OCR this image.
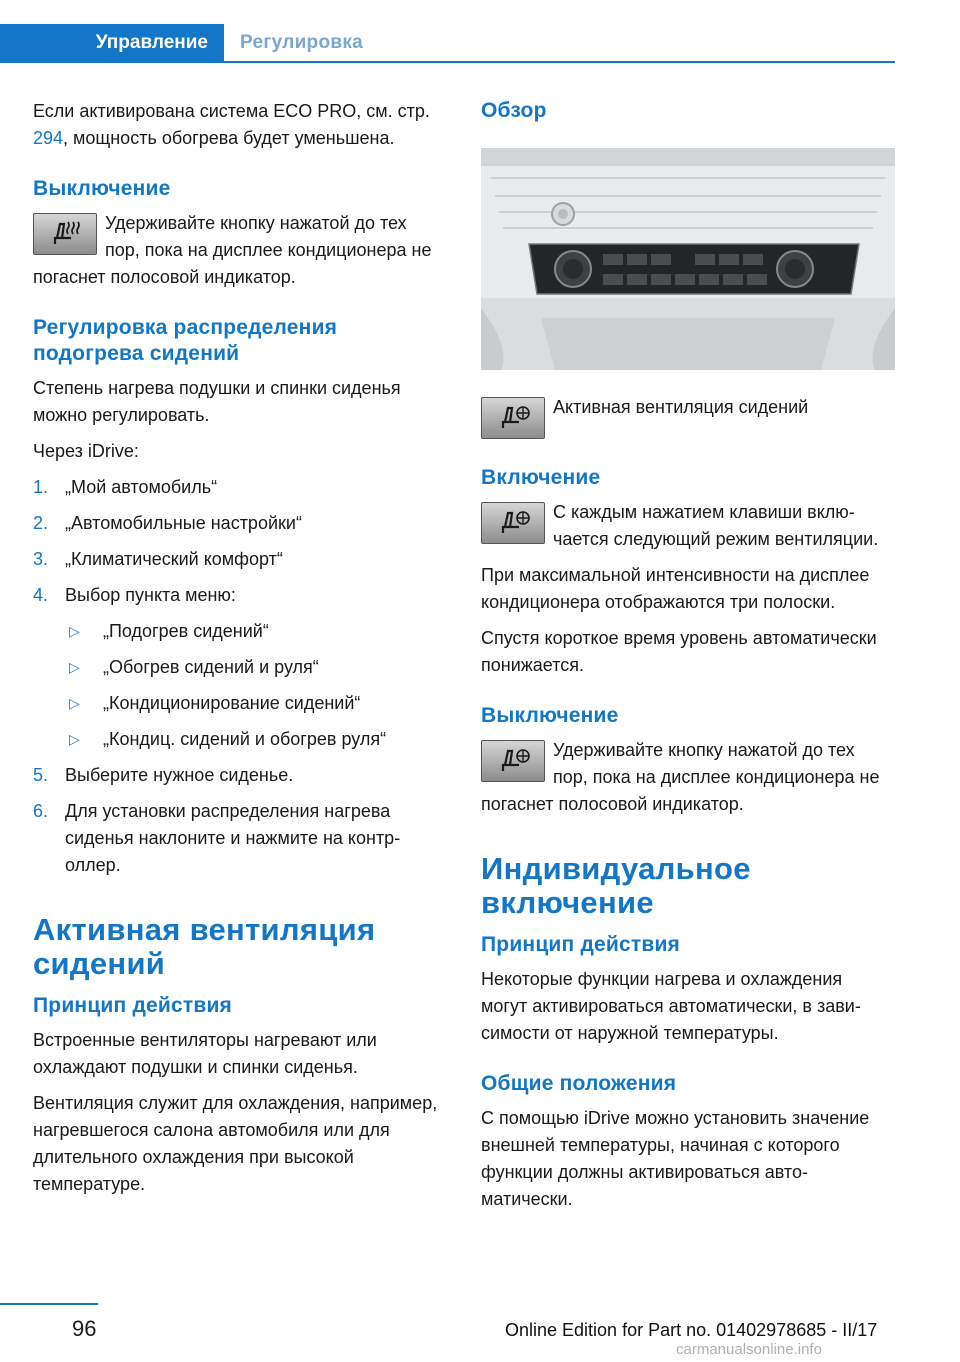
Управление	Регулировка

Если активирована система ECO PRO, см. стр. 294, мощность обогрева будет уменьшена.

Выключение
Удерживайте кнопку нажатой до тех пор, пока на дисплее кондиционера не погаснет полосовой индикатор.
Регулировка распределения подогрева сидений

Степень нагрева подушки и спинки сиденья можно регулировать.

Через iDrive:

1. „Мой автомобиль“
2. „Автомобильные настройки“
3. „Климатический комфорт“
4. Выбор пункта меню:
▷ „Подогрев сидений“
▷ „Обогрев сидений и руля“
▷ „Кондиционирование сидений“
▷ „Кондиц. сидений и обогрев руля“
5. Выберите нужное сиденье.
6. Для установки распределения нагрева сиденья наклоните и нажмите на контроллер.
Активная вентиляция сидений
Принцип действия

Встроенные вентиляторы нагревают или охлаждают подушки и спинки сиденья.

Вентиляция служит для охлаждения, например, нагревшегося салона автомобиля или для длительного охлаждения при высокой температуре.

Обзор
Активная вентиляция сидений
Включение
С каждым нажатием клавиши включается следующий режим вентиляции.

При максимальной интенсивности на дисплее кондиционера отображаются три полоски.

Спустя короткое время уровень автоматически понижается.

Выключение
Удерживайте кнопку нажатой до тех пор, пока на дисплее кондиционера не погаснет полосовой индикатор.
Индивидуальное включение
Принцип действия

Некоторые функции нагрева и охлаждения могут активироваться автоматически, в зависимости от наружной температуры.

Общие положения

С помощью iDrive можно установить значение внешней температуры, начиная с которого функции должны активироваться автоматически.

96	Online Edition for Part no. 01402978685 - II/17
carmanualsonline.info
